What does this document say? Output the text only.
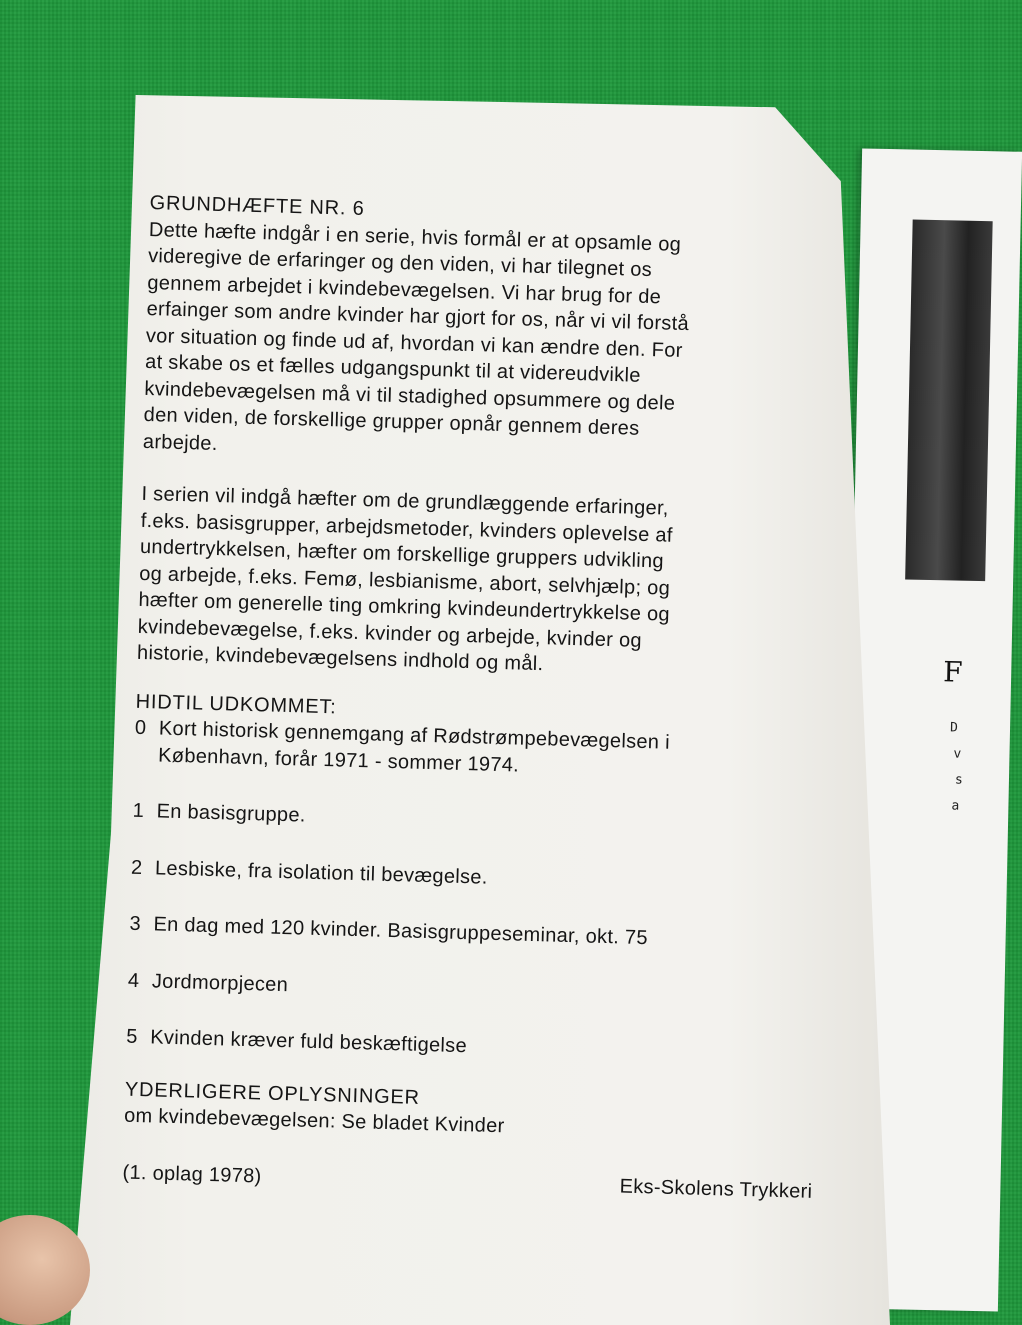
F
D
v
s
a

GRUNDHÆFTE NR. 6

Dette hæfte indgår i en serie, hvis formål er at opsamle og
videregive de erfaringer og den viden, vi har tilegnet os
gennem arbejdet i kvindebevægelsen. Vi har brug for de
erfainger som andre kvinder har gjort for os, når vi vil forstå
vor situation og finde ud af, hvordan vi kan ændre den. For
at skabe os et fælles udgangspunkt til at videreudvikle
kvindebevægelsen må vi til stadighed opsummere og dele
den viden, de forskellige grupper opnår gennem deres
arbejde.

I serien vil indgå hæfter om de grundlæggende erfaringer,
f.eks. basisgrupper, arbejdsmetoder, kvinders oplevelse af
undertrykkelsen, hæfter om forskellige gruppers udvikling
og arbejde, f.eks. Femø, lesbianisme, abort, selvhjælp; og
hæfter om generelle ting omkring kvindeundertrykkelse og
kvindebevægelse, f.eks. kvinder og arbejde, kvinder og
historie, kvindebevægelsens indhold og mål.

HIDTIL UDKOMMET:
0 Kort historisk gennemgang af Rødstrømpebevægelsen i
København, forår 1971 - sommer 1974.
1 En basisgruppe.
2 Lesbiske, fra isolation til bevægelse.
3 En dag med 120 kvinder. Basisgruppeseminar, okt. 75
4 Jordmorpjecen
5 Kvinden kræver fuld beskæftigelse
YDERLIGERE OPLYSNINGER
om kvindebevægelsen: Se bladet Kvinder
(1. oplag 1978)
Eks-Skolens Trykkeri
